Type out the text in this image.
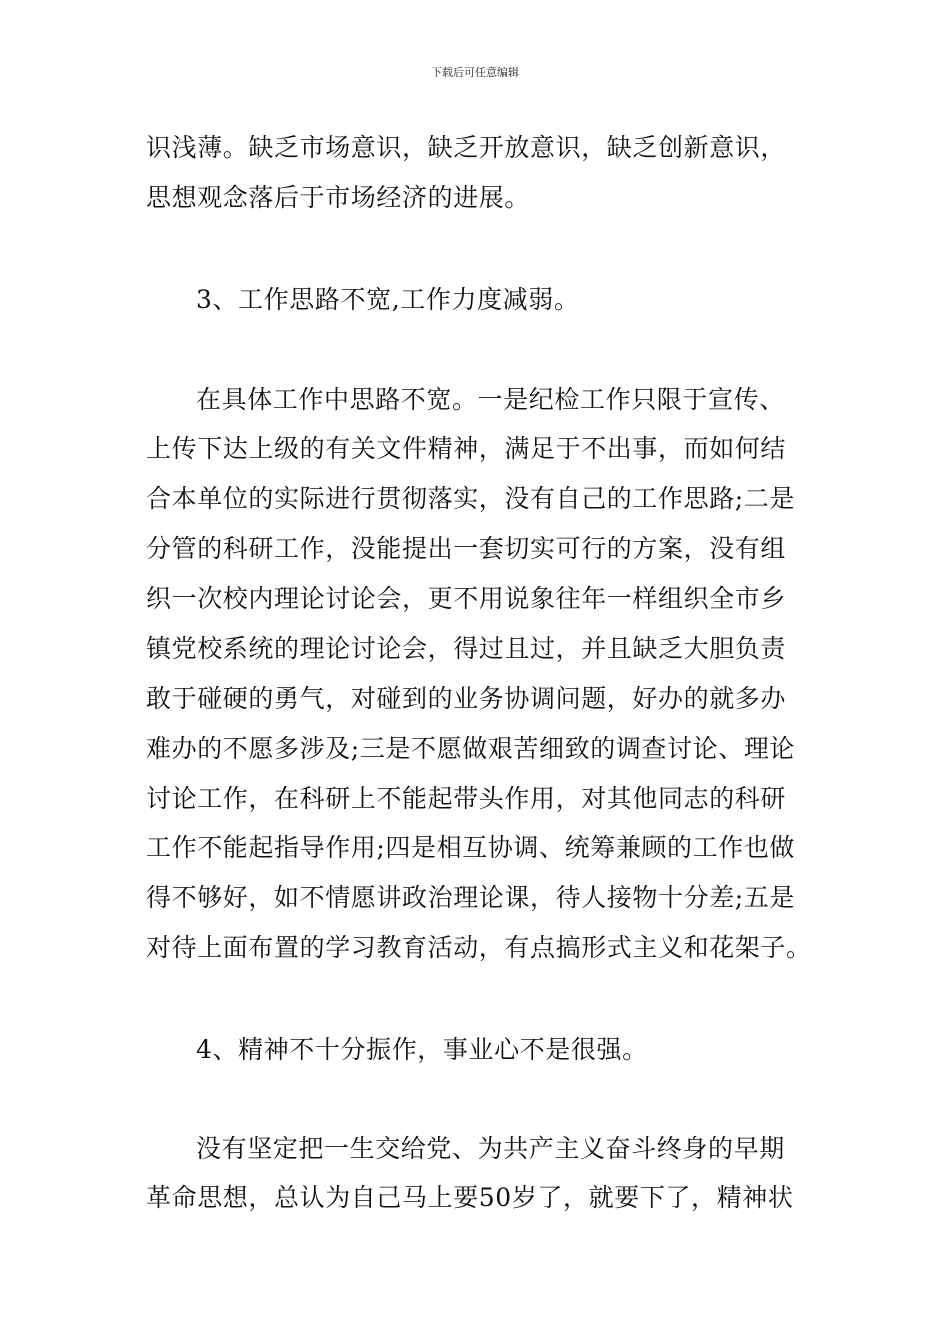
下载后可任意编辑
识浅薄。缺乏市场意识，缺乏开放意识，缺乏创新意识，
思想观念落后于市场经济的进展。
3、工作思路不宽,工作力度减弱。
在具体工作中思路不宽。一是纪检工作只限于宣传、
上传下达上级的有关文件精神，满足于不出事，而如何结
合本单位的实际进行贯彻落实，没有自己的工作思路;二是
分管的科研工作，没能提出一套切实可行的方案，没有组
织一次校内理论讨论会，更不用说象往年一样组织全市乡
镇党校系统的理论讨论会，得过且过，并且缺乏大胆负责
敢于碰硬的勇气，对碰到的业务协调问题，好办的就多办
难办的不愿多涉及;三是不愿做艰苦细致的调查讨论、理论
讨论工作，在科研上不能起带头作用，对其他同志的科研
工作不能起指导作用;四是相互协调、统筹兼顾的工作也做
得不够好，如不情愿讲政治理论课，待人接物十分差;五是
对待上面布置的学习教育活动，有点搞形式主义和花架子。
4、精神不十分振作，事业心不是很强。
没有坚定把一生交给党、为共产主义奋斗终身的早期
革命思想，总认为自己马上要50岁了，就要下了，精神状
